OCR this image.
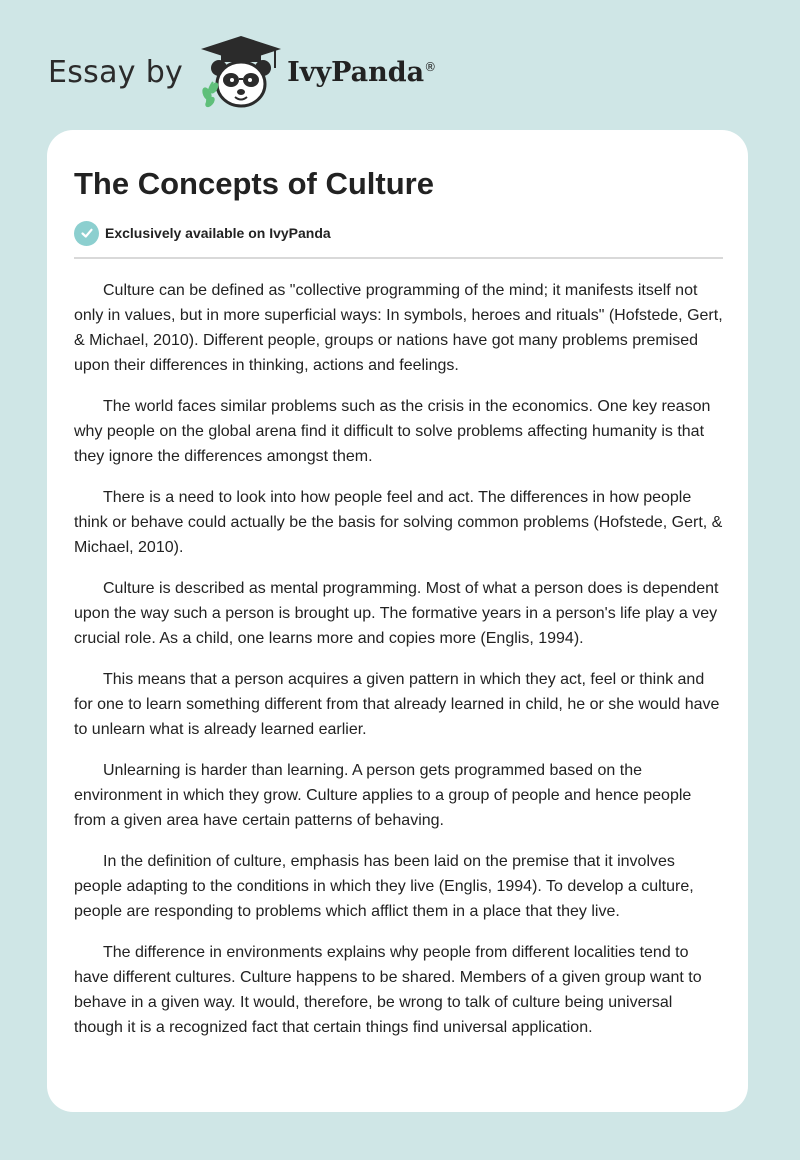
Essay by	IvyPanda®
The Concepts of Culture
Exclusively available on IvyPanda

Culture can be defined as "collective programming of the mind; it manifests itself not only in values, but in more superficial ways: In symbols, heroes and rituals" (Hofstede, Gert, & Michael, 2010). Different people, groups or nations have got many problems premised upon their differences in thinking, actions and feelings.

The world faces similar problems such as the crisis in the economics. One key reason why people on the global arena find it difficult to solve problems affecting humanity is that they ignore the differences amongst them.

There is a need to look into how people feel and act. The differences in how people think or behave could actually be the basis for solving common problems (Hofstede, Gert, & Michael, 2010).

Culture is described as mental programming. Most of what a person does is dependent upon the way such a person is brought up. The formative years in a person's life play a vey crucial role. As a child, one learns more and copies more (Englis, 1994).

This means that a person acquires a given pattern in which they act, feel or think and for one to learn something different from that already learned in child, he or she would have to unlearn what is already learned earlier.

Unlearning is harder than learning. A person gets programmed based on the environment in which they grow. Culture applies to a group of people and hence people from a given area have certain patterns of behaving.

In the definition of culture, emphasis has been laid on the premise that it involves people adapting to the conditions in which they live (Englis, 1994). To develop a culture, people are responding to problems which afflict them in a place that they live.

The difference in environments explains why people from different localities tend to have different cultures. Culture happens to be shared. Members of a given group want to behave in a given way. It would, therefore, be wrong to talk of culture being universal though it is a recognized fact that certain things find universal application.
